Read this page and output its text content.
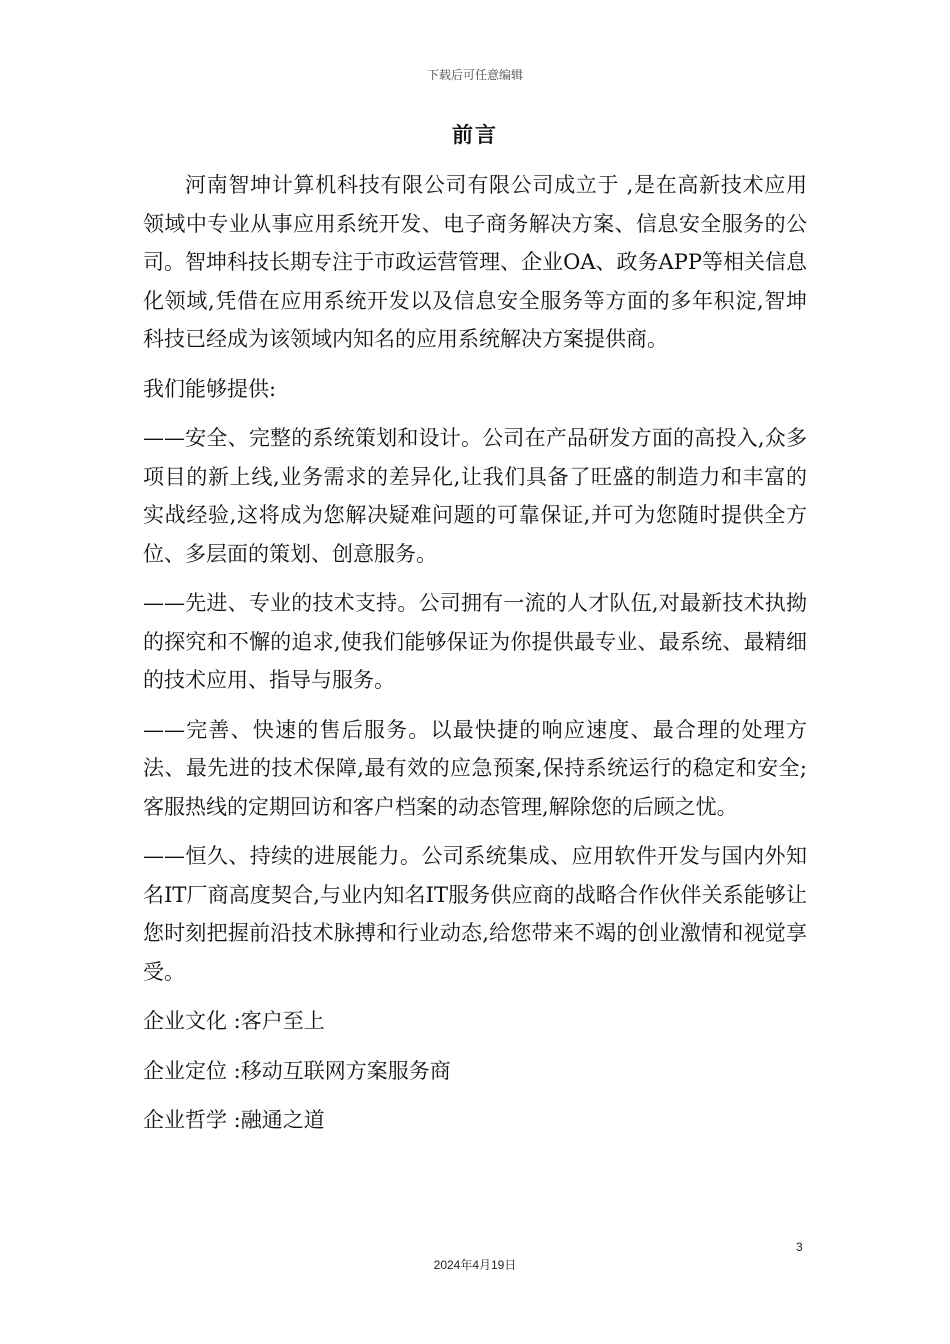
下载后可任意编辑
前言

河南智坤计算机科技有限公司有限公司成立于 ,是在高新技术应用领域中专业从事应用系统开发、电子商务解决方案、信息安全服务的公司。智坤科技长期专注于市政运营管理、企业OA、政务APP等相关信息化领域,凭借在应用系统开发以及信息安全服务等方面的多年积淀,智坤科技已经成为该领域内知名的应用系统解决方案提供商。

我们能够提供:

——安全、完整的系统策划和设计。公司在产品研发方面的高投入,众多项目的新上线,业务需求的差异化,让我们具备了旺盛的制造力和丰富的实战经验,这将成为您解决疑难问题的可靠保证,并可为您随时提供全方位、多层面的策划、创意服务。

——先进、专业的技术支持。公司拥有一流的人才队伍,对最新技术执拗的探究和不懈的追求,使我们能够保证为你提供最专业、最系统、最精细的技术应用、指导与服务。

——完善、快速的售后服务。以最快捷的响应速度、最合理的处理方法、最先进的技术保障,最有效的应急预案,保持系统运行的稳定和安全;客服热线的定期回访和客户档案的动态管理,解除您的后顾之忧。

——恒久、持续的进展能力。公司系统集成、应用软件开发与国内外知名IT厂商高度契合,与业内知名IT服务供应商的战略合作伙伴关系能够让您时刻把握前沿技术脉搏和行业动态,给您带来不竭的创业激情和视觉享受。

企业文化 :客户至上

企业定位 :移动互联网方案服务商

企业哲学 :融通之道

3
2024年4月19日
